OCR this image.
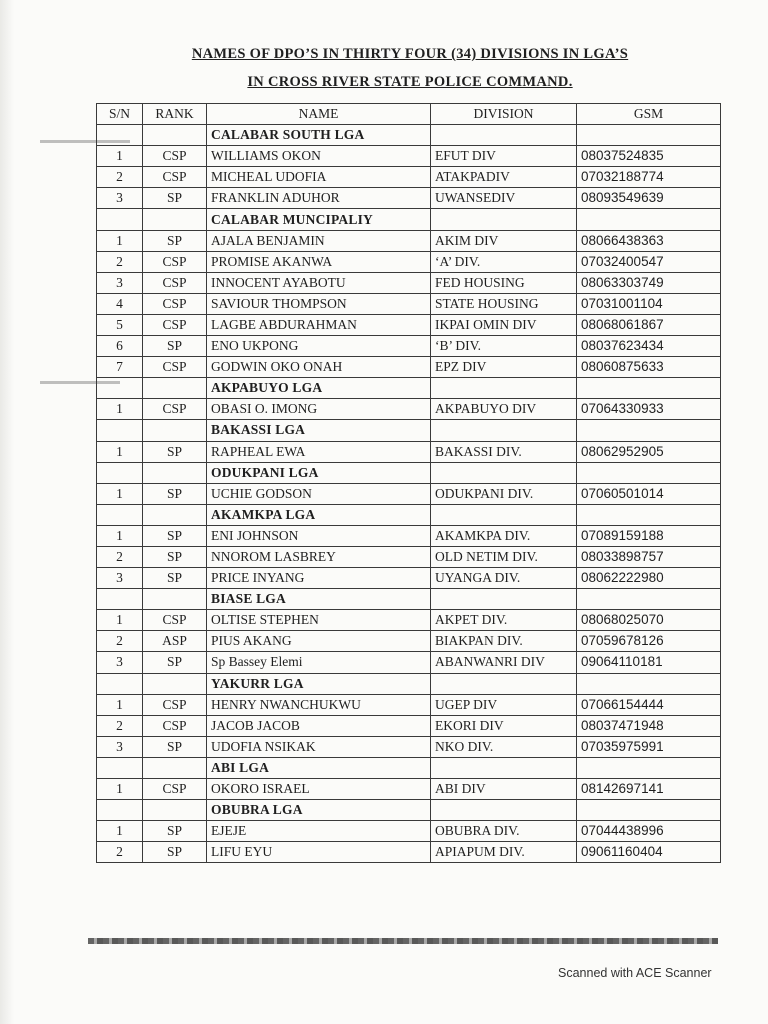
NAMES OF DPO’S IN THIRTY FOUR (34) DIVISIONS IN LGA’S
IN CROSS RIVER STATE POLICE COMMAND.
S/N	RANK	NAME	DIVISION	GSM
		CALABAR SOUTH LGA		
1	CSP	WILLIAMS OKON	EFUT DIV	08037524835
2	CSP	MICHEAL UDOFIA	ATAKPADIV	07032188774
3	SP	FRANKLIN ADUHOR	UWANSEDIV	08093549639
		CALABAR MUNCIPALIY		
1	SP	AJALA BENJAMIN	AKIM DIV	08066438363
2	CSP	PROMISE AKANWA	‘A’ DIV.	07032400547
3	CSP	INNOCENT AYABOTU	FED HOUSING	08063303749
4	CSP	SAVIOUR THOMPSON	STATE HOUSING	07031001104
5	CSP	LAGBE ABDURAHMAN	IKPAI OMIN DIV	08068061867
6	SP	ENO UKPONG	‘B’ DIV.	08037623434
7	CSP	GODWIN OKO ONAH	EPZ DIV	08060875633
		AKPABUYO LGA		
1	CSP	OBASI O. IMONG	AKPABUYO DIV	07064330933
		BAKASSI LGA		
1	SP	RAPHEAL EWA	BAKASSI DIV.	08062952905
		ODUKPANI LGA		
1	SP	UCHIE GODSON	ODUKPANI DIV.	07060501014
		AKAMKPA LGA		
1	SP	ENI JOHNSON	AKAMKPA DIV.	07089159188
2	SP	NNOROM LASBREY	OLD NETIM DIV.	08033898757
3	SP	PRICE INYANG	UYANGA DIV.	08062222980
		BIASE LGA		
1	CSP	OLTISE STEPHEN	AKPET DIV.	08068025070
2	ASP	PIUS AKANG	BIAKPAN DIV.	07059678126
3	SP	Sp Bassey Elemi	ABANWANRI DIV	09064110181
		YAKURR LGA		
1	CSP	HENRY NWANCHUKWU	UGEP DIV	07066154444
2	CSP	JACOB JACOB	EKORI DIV	08037471948
3	SP	UDOFIA NSIKAK	NKO DIV.	07035975991
		ABI LGA		
1	CSP	OKORO ISRAEL	ABI DIV	08142697141
		OBUBRA LGA		
1	SP	EJEJE	OBUBRA DIV.	07044438996
2	SP	LIFU EYU	APIAPUM DIV.	09061160404
Scanned with ACE Scanner
